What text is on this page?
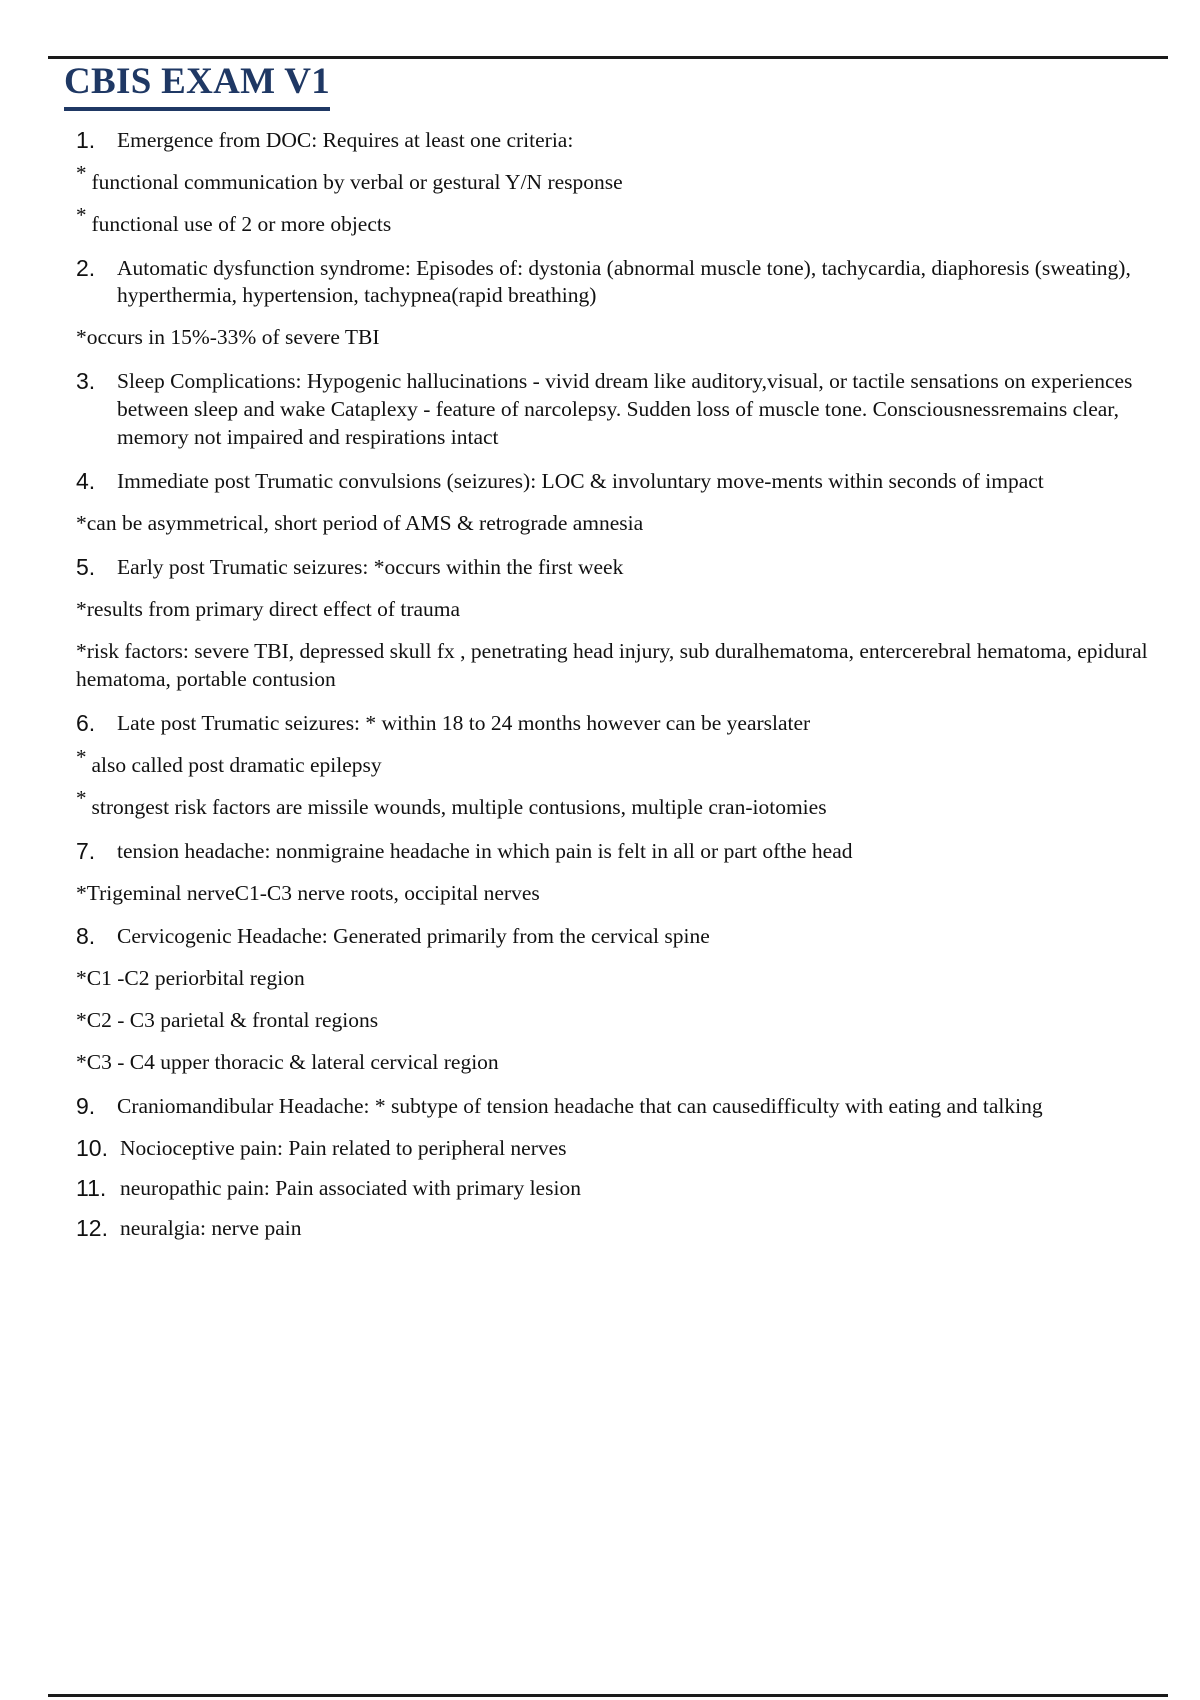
CBIS EXAM V1
1.	Emergence from DOC: Requires at least one criteria:
* functional communication by verbal or gestural Y/N response
* functional use of 2 or more objects
2.	Automatic dysfunction syndrome: Episodes of: dystonia (abnormal muscle tone), tachycardia, diaphoresis (sweating), hyperthermia, hypertension, tachypnea(rapid breathing)
*occurs in 15%-33% of severe TBI
3.	Sleep Complications: Hypogenic hallucinations - vivid dream like auditory,visual, or tactile sensations on experiences between sleep and wake Cataplexy - feature of narcolepsy. Sudden loss of muscle tone. Consciousnessremains clear, memory not impaired and respirations intact
4.	Immediate post Trumatic convulsions (seizures): LOC & involuntary move-ments within seconds of impact
*can be asymmetrical, short period of AMS & retrograde amnesia
5.	Early post Trumatic seizures: *occurs within the first week
*results from primary direct effect of trauma
*risk factors: severe TBI, depressed skull fx , penetrating head injury, sub duralhematoma, entercerebral hematoma, epidural hematoma, portable contusion
6.	Late post Trumatic seizures: * within 18 to 24 months however can be yearslater
* also called post dramatic epilepsy
* strongest risk factors are missile wounds, multiple contusions, multiple cran-iotomies
7.	tension headache: nonmigraine headache in which pain is felt in all or part ofthe head
*Trigeminal nerveC1-C3 nerve roots, occipital nerves
8.	Cervicogenic Headache: Generated primarily from the cervical spine
*C1 -C2 periorbital region
*C2 - C3 parietal & frontal regions
*C3 - C4 upper thoracic & lateral cervical region
9.	Craniomandibular Headache: * subtype of tension headache that can causedifficulty with eating and talking
10. Nocioceptive pain: Pain related to peripheral nerves
11. neuropathic pain: Pain associated with primary lesion
12. neuralgia: nerve pain
